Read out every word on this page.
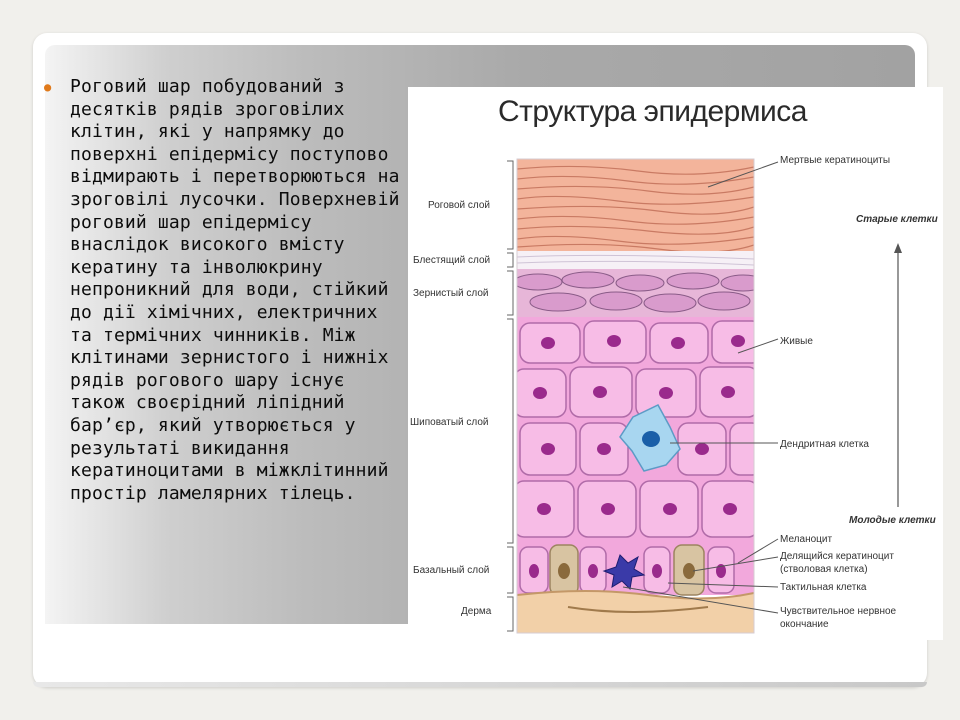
● Роговий шар побудований з десятків рядів зроговілих клітин, які у напрямку до поверхні епідермісу поступово відмирають і перетворюються на зроговілі лусочки. Поверхневій роговий шар епідермісу внаслідок високого вмісту кератину та інволюкрину непроникний для води, стійкий до дії хімічних, електричних та термічних чинників. Між клітинами зернистого і нижніх рядів рогового шару існує також своєрідний ліпідний бар’єр, який утворюється у результаті викидання кератиноцитами в міжклітинний простір ламелярних тілець.

Структура эпидермиса
Роговой слой
Блестящий слой
Зернистый слой
Шиповатый слой
Базальный слой
Дерма
Мертвые кератиноциты
Живые
Дендритная клетка
Меланоцит
Делящийся кератиноцит
(стволовая клетка)
Тактильная клетка
Чувствительное нервное
окончание
Старые клетки
Молодые клетки
